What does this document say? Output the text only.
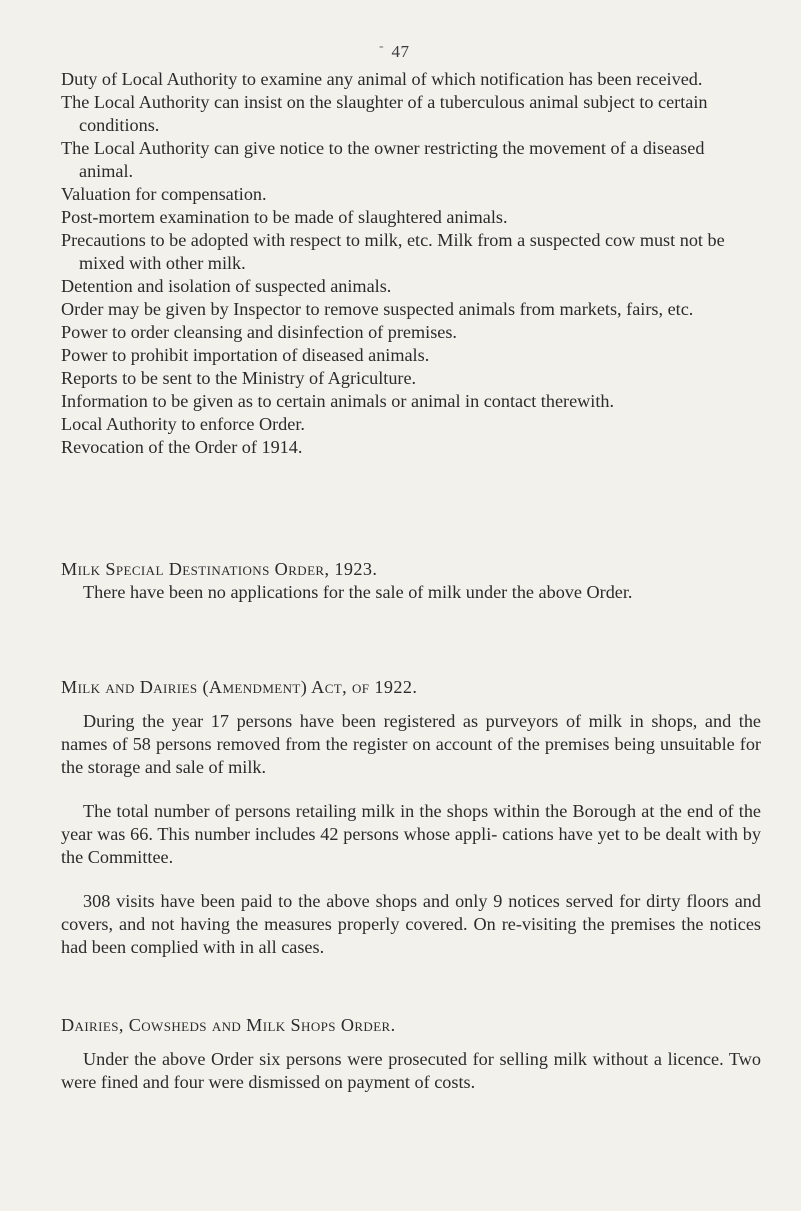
- 47
Duty of Local Authority to examine any animal of which notification has been received.
The Local Authority can insist on the slaughter of a tuberculous animal subject to certain conditions.
The Local Authority can give notice to the owner restricting the movement of a diseased animal.
Valuation for compensation.
Post-mortem examination to be made of slaughtered animals.
Precautions to be adopted with respect to milk, etc. Milk from a suspected cow must not be mixed with other milk.
Detention and isolation of suspected animals.
Order may be given by Inspector to remove suspected animals from markets, fairs, etc.
Power to order cleansing and disinfection of premises.
Power to prohibit importation of diseased animals.
Reports to be sent to the Ministry of Agriculture.
Information to be given as to certain animals or animal in contact therewith.
Local Authority to enforce Order.
Revocation of the Order of 1914.
Milk Special Destinations Order, 1923.

There have been no applications for the sale of milk under the above Order.

Milk and Dairies (Amendment) Act, of 1922.

During the year 17 persons have been registered as purveyors of milk in shops, and the names of 58 persons removed from the register on account of the premises being unsuitable for the storage and sale of milk.

The total number of persons retailing milk in the shops within the Borough at the end of the year was 66. This number includes 42 persons whose appli- cations have yet to be dealt with by the Committee.

308 visits have been paid to the above shops and only 9 notices served for dirty floors and covers, and not having the measures properly covered. On re-visiting the premises the notices had been complied with in all cases.

Dairies, Cowsheds and Milk Shops Order.

Under the above Order six persons were prosecuted for selling milk without a licence. Two were fined and four were dismissed on payment of costs.
